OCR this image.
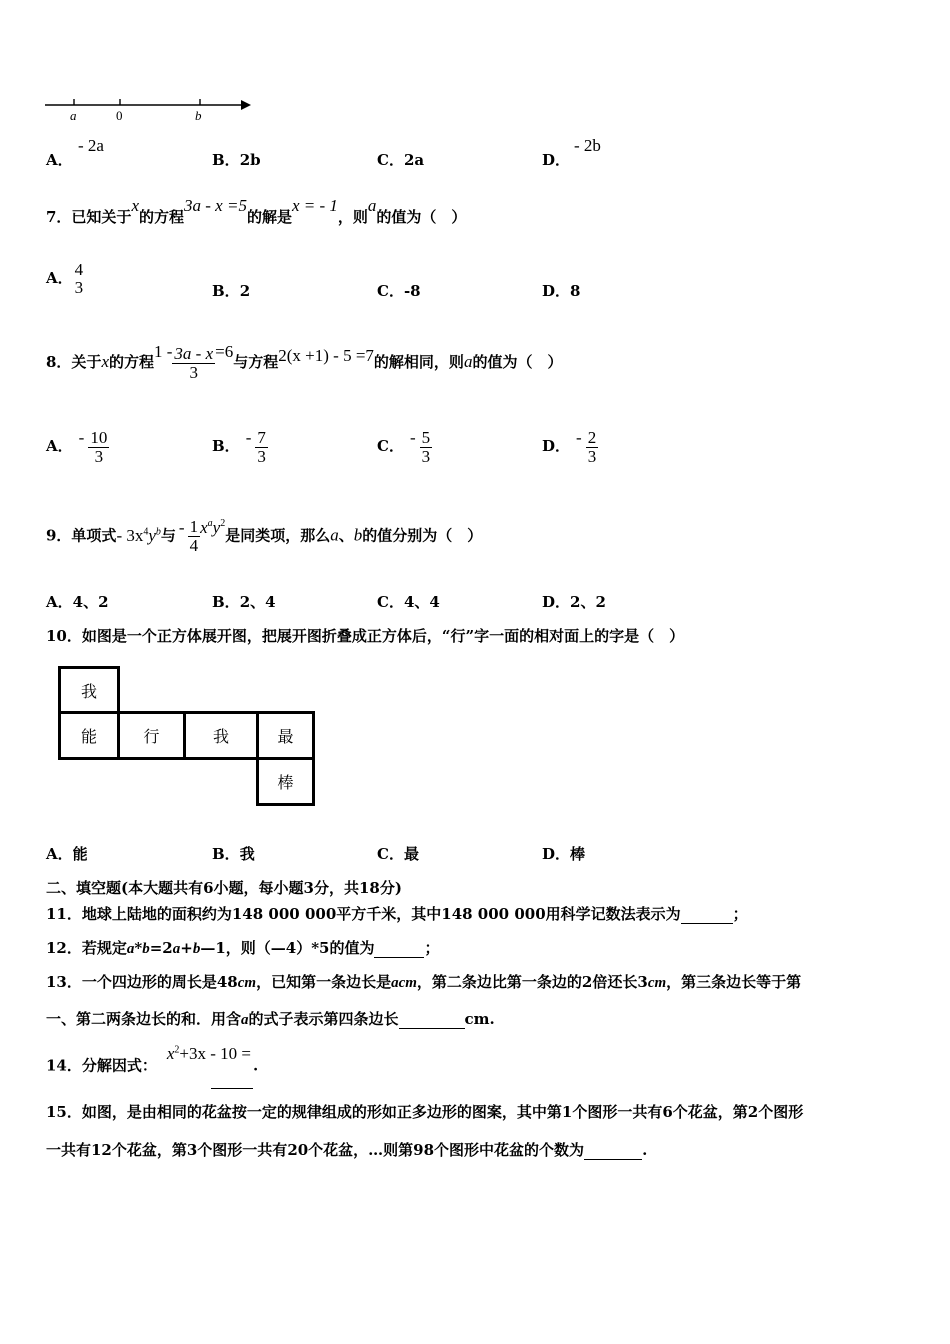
a	0	b
A．
- 2a
B．2b	C．2a	D．
- 2b
7．已知关于x的方程3a - x =5的解是x = - 1，则a的值为（　）
A． 4
3	B．2	C．-8	D．8
8．关于x的方程$1 - \frac{3a - x}{3} =6$与方程2(x +1) - 5 =7的解相同，则a的值为（　）
A． - $\frac{10}{3}$	B． - $\frac{7}{3}$	C． - $\frac{5}{3}$	D． - $\frac{2}{3}$
9．单项式- $3x^4y^b$与 - $\frac{1}{4} x^ay^2$是同类项，那么a、b的值分别为（　）
A．4、2	B．2、4	C．4、4	D．2、2
10．如图是一个正方体展开图，把展开图折叠成正方体后，“行”字一面的相对面上的字是（　）
我
能	行	我	最
棒
A．能	B．我	C．最	D．棒
二、填空题(本大题共有6小题，每小题3分，共18分)
11．地球上陆地的面积约为148 000 000平方千米，其中148 000 000用科学记数法表示为	；
12．若规定a*b=2a+b—1，则（—4）*5的值为	；
13．一个四边形的周长是48cm，已知第一条边长是acm，第二条边比第一条边的2倍还长3cm，第三条边长等于第
一、第二两条边长的和．用含a的式子表示第四条边长	cm.
14．分解因式：$x^2+3x - 10$ = .
15．如图，是由相同的花盆按一定的规律组成的形如正多边形的图案，其中第1个图形一共有6个花盆，第2个图形
一共有12个花盆，第3个图形一共有20个花盆，…则第98个图形中花盆的个数为	.
